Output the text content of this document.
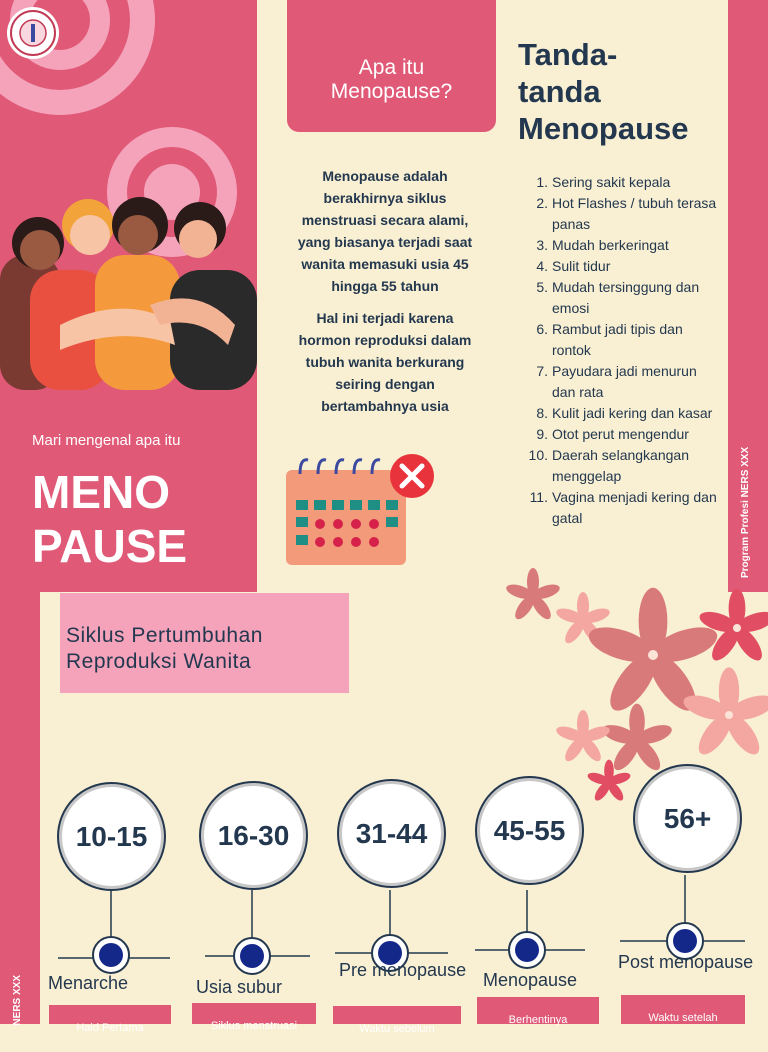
Mari mengenal apa itu
MENO
PAUSE
Apa itu
Menopause?
Menopause adalah berakhirnya siklus menstruasi secara alami, yang biasanya terjadi saat wanita memasuki usia 45 hingga 55 tahun
Hal ini terjadi karena hormon reproduksi dalam tubuh wanita berkurang seiring dengan bertambahnya usia
Tanda-
tanda
Menopause
1. Sering sakit kepala
2. Hot Flashes / tubuh terasa panas
3. Mudah berkeringat
4. Sulit tidur
5. Mudah tersinggung dan emosi
6. Rambut jadi tipis dan rontok
7. Payudara jadi menurun dan rata
8. Kulit jadi kering dan kasar
9. Otot perut mengendur
10. Daerah selangkangan menggelap
11. Vagina menjadi kering dan gatal	Program Profesi NERS XXX
NERS XXX
Siklus Pertumbuhan
Reproduksi Wanita
10-15	16-30	31-44	45-55	56+
Menarche	Usia subur
Pre menopause Menopause
Post menopause
Haid Pertama	Siklus menstruasi	Waktu sebelum
Berhentinya	Waktu setelah
